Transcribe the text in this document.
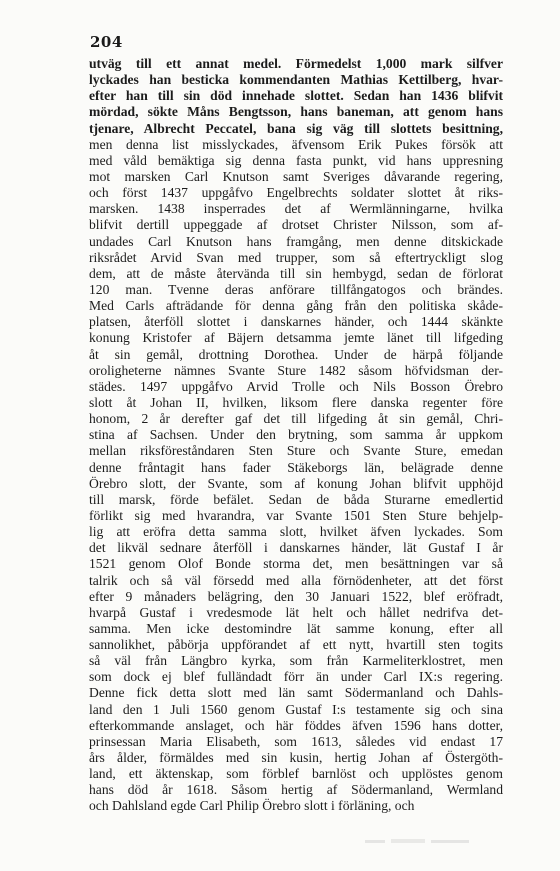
204
utväg till ett annat medel. Förmedelst 1,000 mark silfver
lyckades han besticka kommendanten Mathias Kettilberg, hvar-
efter han till sin död innehade slottet. Sedan han 1436 blifvit
mördad, sökte Måns Bengtsson, hans baneman, att genom hans
tjenare, Albrecht Peccatel, bana sig väg till slottets besittning,
men denna list misslyckades, äfvensom Erik Pukes försök att
med våld bemäktiga sig denna fasta punkt, vid hans uppresning
mot marsken Carl Knutson samt Sveriges dåvarande regering,
och först 1437 uppgåfvo Engelbrechts soldater slottet åt riks-
marsken. 1438 insperrades det af Wermlänningarne, hvilka
blifvit dertill uppeggade af drotset Christer Nilsson, som af-
undades Carl Knutson hans framgång, men denne ditskickade
riksrådet Arvid Svan med trupper, som så eftertryckligt slog
dem, att de måste återvända till sin hembygd, sedan de förlorat
120 man. Tvenne deras anförare tillfångatogos och brändes.
Med Carls afträdande för denna gång från den politiska skåde-
platsen, återföll slottet i danskarnes händer, och 1444 skänkte
konung Kristofer af Bäjern detsamma jemte länet till lifgeding
åt sin gemål, drottning Dorothea. Under de härpå följande
oroligheterne nämnes Svante Sture 1482 såsom höfvidsman der-
städes. 1497 uppgåfvo Arvid Trolle och Nils Bosson Örebro
slott åt Johan II, hvilken, liksom flere danska regenter före
honom, 2 år derefter gaf det till lifgeding åt sin gemål, Chri-
stina af Sachsen. Under den brytning, som samma år uppkom
mellan riksföreståndaren Sten Sture och Svante Sture, emedan
denne fråntagit hans fader Stäkeborgs län, belägrade denne
Örebro slott, der Svante, som af konung Johan blifvit upphöjd
till marsk, förde befälet. Sedan de båda Sturarne emedlertid
förlikt sig med hvarandra, var Svante 1501 Sten Sture behjelp-
lig att eröfra detta samma slott, hvilket äfven lyckades. Som
det likväl sednare återföll i danskarnes händer, lät Gustaf I år
1521 genom Olof Bonde storma det, men besättningen var så
talrik och så väl försedd med alla förnödenheter, att det först
efter 9 månaders belägring, den 30 Januari 1522, blef eröfradt,
hvarpå Gustaf i vredesmode lät helt och hållet nedrifva det-
samma. Men icke destomindre lät samme konung, efter all
sannolikhet, påbörja uppförandet af ett nytt, hvartill sten togits
så väl från Längbro kyrka, som från Karmeliterklostret, men
som dock ej blef fulländadt förr än under Carl IX:s regering.
Denne fick detta slott med län samt Södermanland och Dahls-
land den 1 Juli 1560 genom Gustaf I:s testamente sig och sina
efterkommande anslaget, och här föddes äfven 1596 hans dotter,
prinsessan Maria Elisabeth, som 1613, således vid endast 17
års ålder, förmäldes med sin kusin, hertig Johan af Östergöth-
land, ett äktenskap, som förblef barnlöst och upplöstes genom
hans död år 1618. Såsom hertig af Södermanland, Wermland
och Dahlsland egde Carl Philip Örebro slott i förläning, och
